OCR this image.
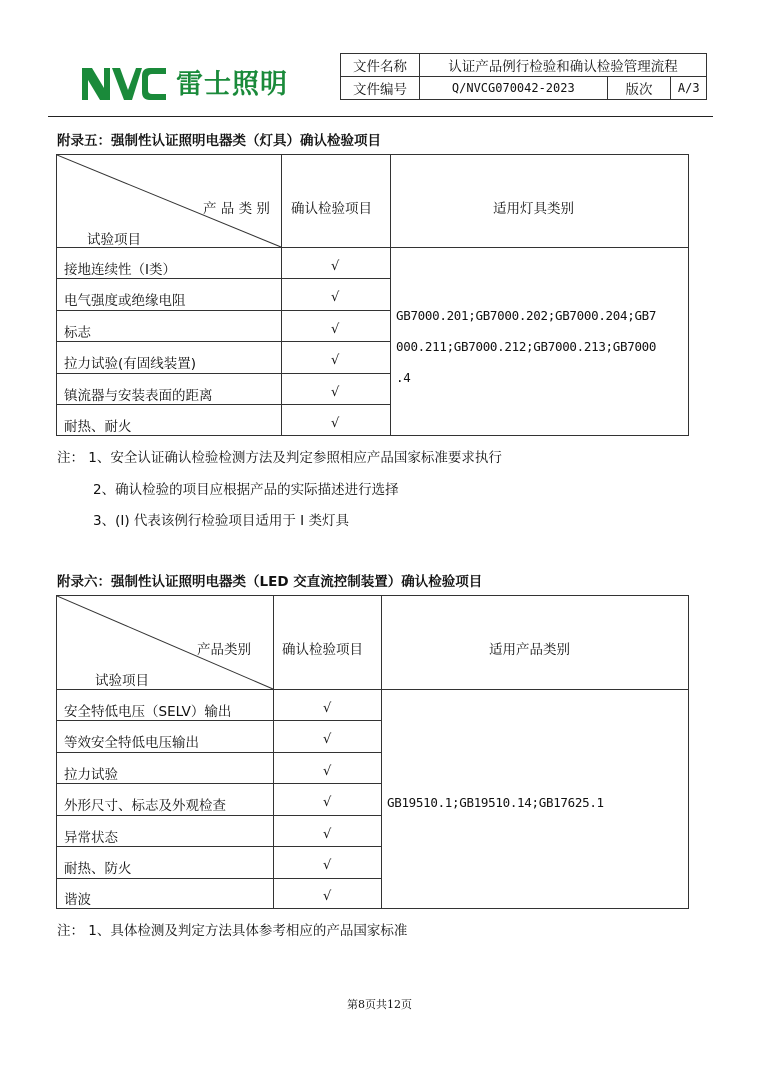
雷士照明
文件名称	认证产品例行检验和确认检验管理流程		
文件编号	Q/NVCG070042-2023	版次	A/3
附录五：强制性认证照明电器类（灯具）确认检验项目
产 品 类 别
试验项目
确认检验项目	适用灯具类别
接地连续性（I类）	√
电气强度或绝缘电阻	√
标志	√
拉力试验(有固线装置)	√
镇流器与安装表面的距离	√
耐热、耐火	√
GB7000.201;GB7000.202;GB7000.204;GB7
000.211;GB7000.212;GB7000.213;GB7000
.4
注： 1、安全认证确认检验检测方法及判定参照相应产品国家标准要求执行
2、确认检验的项目应根据产品的实际描述进行选择
3、(I) 代表该例行检验项目适用于 I 类灯具
附录六：强制性认证照明电器类（LED 交直流控制装置）确认检验项目
产品类别
试验项目
确认检验项目	适用产品类别
安全特低电压（SELV）输出	√
等效安全特低电压输出	√
拉力试验	√
外形尺寸、标志及外观检查	√
异常状态	√
耐热、防火	√
谐波	√
GB19510.1;GB19510.14;GB17625.1
注： 1、具体检测及判定方法具体参考相应的产品国家标准
第8页共12页
